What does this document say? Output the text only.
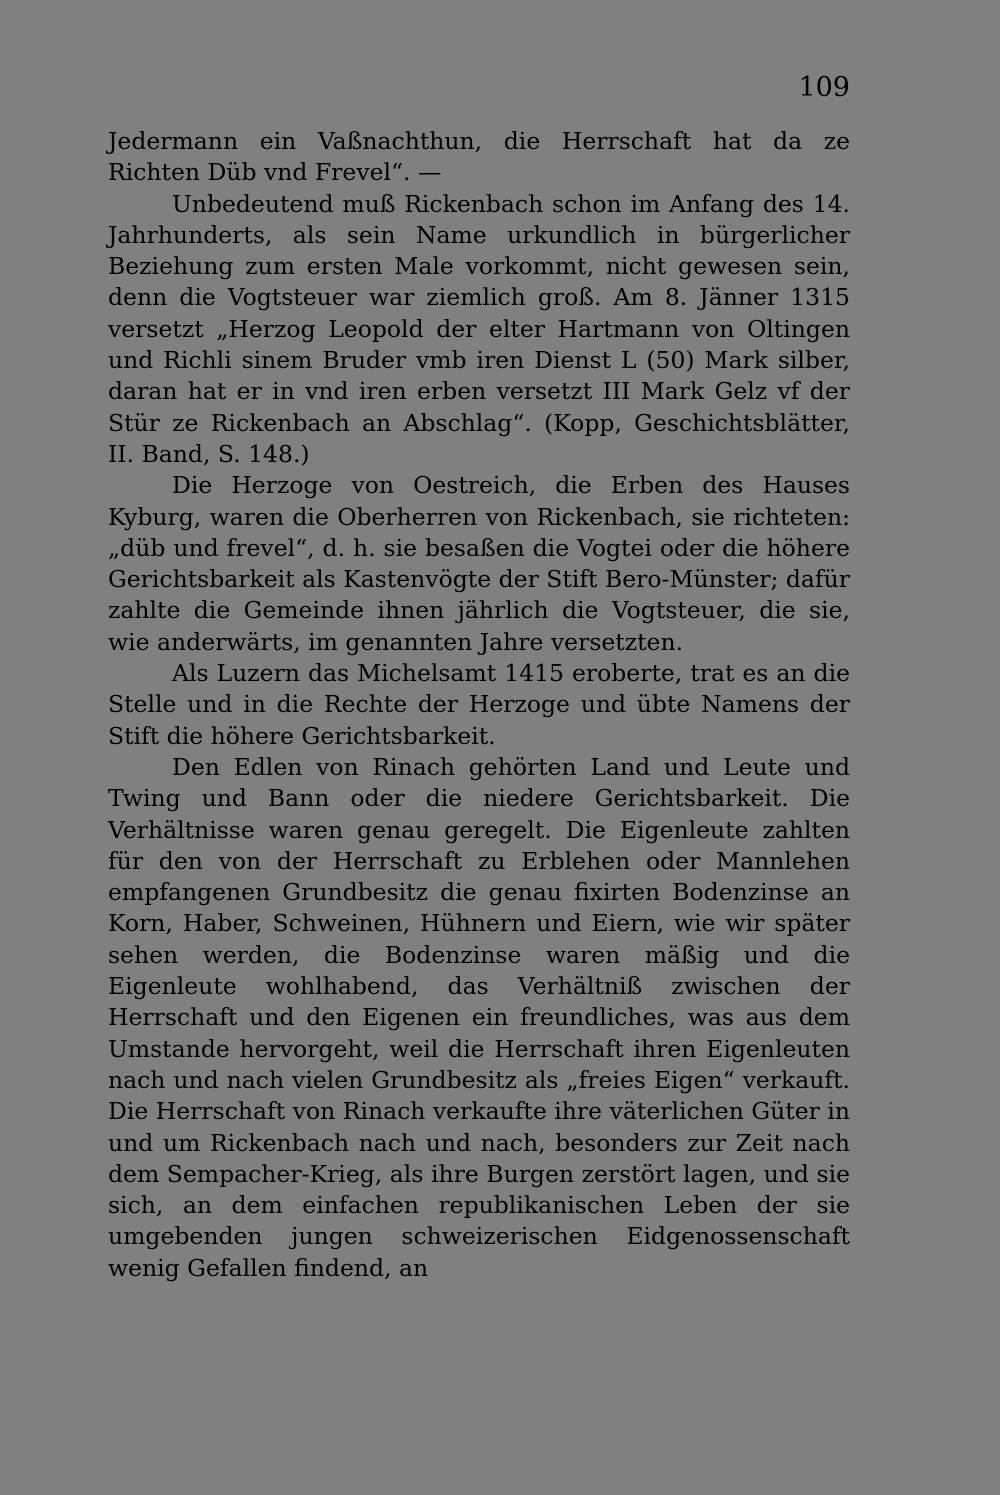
109

Jedermann ein Vaßnachthun, die Herrschaft hat da ze Richten Düb vnd Frevel“. —

Unbedeutend muß Rickenbach schon im Anfang des 14. Jahrhunderts, als sein Name urkundlich in bürgerlicher Beziehung zum ersten Male vorkommt, nicht gewesen sein, denn die Vogtsteuer war ziemlich groß. Am 8. Jänner 1315 versetzt „Herzog Leopold der elter Hartmann von Oltingen und Richli sinem Bruder vmb iren Dienst L (50) Mark silber, daran hat er in vnd iren erben versetzt III Mark Gelz vf der Stür ze Rickenbach an Abschlag“. (Kopp, Geschichtsblätter, II. Band, S. 148.)

Die Herzoge von Oestreich, die Erben des Hauses Kyburg, waren die Oberherren von Rickenbach, sie richteten: „düb und frevel“, d. h. sie besaßen die Vogtei oder die höhere Gerichtsbarkeit als Kastenvögte der Stift Bero-Münster; dafür zahlte die Gemeinde ihnen jährlich die Vogtsteuer, die sie, wie anderwärts, im genannten Jahre versetzten.

Als Luzern das Michelsamt 1415 eroberte, trat es an die Stelle und in die Rechte der Herzoge und übte Namens der Stift die höhere Gerichtsbarkeit.

Den Edlen von Rinach gehörten Land und Leute und Twing und Bann oder die niedere Gerichtsbarkeit. Die Verhältnisse waren genau geregelt. Die Eigenleute zahlten für den von der Herrschaft zu Erblehen oder Mannlehen empfangenen Grundbesitz die genau fixirten Bodenzinse an Korn, Haber, Schweinen, Hühnern und Eiern, wie wir später sehen werden, die Bodenzinse waren mäßig und die Eigenleute wohlhabend, das Verhältniß zwischen der Herrschaft und den Eigenen ein freundliches, was aus dem Umstande hervorgeht, weil die Herrschaft ihren Eigenleuten nach und nach vielen Grundbesitz als „freies Eigen“ verkauft. Die Herrschaft von Rinach verkaufte ihre väterlichen Güter in und um Rickenbach nach und nach, besonders zur Zeit nach dem Sempacher-Krieg, als ihre Burgen zerstört lagen, und sie sich, an dem einfachen republikanischen Leben der sie umgebenden jungen schweizerischen Eidgenossenschaft wenig Gefallen findend, an
